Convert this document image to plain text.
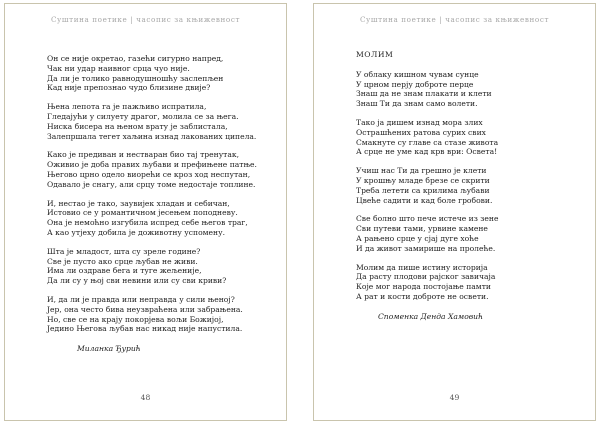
Суштина поетике | часопис за књижевност
Он се није окретао, газећи сигурно напред,
Чак ни удар наивног срца чуо није.
Да ли је толико равнодушношћу заслепљен
Кад није препознао чудо близине двије?
Њена лепота га је пажљиво испратила,
Гледајући у силуету драгог, молила се за њега.
Ниска бисера на њеном врату је заблистала,
Залепршала тегет хаљина изнад лакованих ципела.
Како је предиван и нестваран био тај тренутак,
Оживио је доба правих љубави и префињене патње.
Његово црно одело виорећи се кроз ход неспутан,
Одавало је снагу, али срцу томе недостаје топлине.
И, нестао је тако, заувијек хладан и себичан,
Истовио се у романтичном јесењем поподневу.
Она је немоћно изгубила испред себе његов траг,
А као утјеху добила је доживотну успомену.
Шта је младост, шта су зреле године?
Све је пусто ако срце љубав не живи.
Има ли оздраве бега и тугe жељеније,
Да ли су у њој сви невини или су сви криви?
И, да ли је правда или неправда у сили њеној?
Јер, она често бива неузвраћена или забрањена.
Но, све се на крају покорјева вољи Божијој,
Јединo Његова љубав нас никад није напустила.
Миланка Ђурић
48
Суштина поетике | часопис за књижевност
МОЛИМ
У облаку кишном чувам сунце
У црном перју доброте перце
Знаш да не знам плакати и клети
Знаш Ти да знам само волети.
Тако ја дишем изнад мора злих
Острашћених ратова сурих свих
Смакнуте су главе са стазе живота
А срце не уме кад крв ври: Освета!
Учиш нас Ти да грешно је клети
У крошњу младе брезе се скрити
Треба летети са крилима љубави
Цвеће садити и кад боле гробови.
Све болно што пече истече из зене
Сви путеви тами, урвине камене
А рањено срце у сјај дуге хоће
И да живот замирише на пролеће.
Молим да пише истину историја
Да расту плодови рајског завичаја
Које мог народа постојање памти
А рат и кости доброте не освети.
Споменка Денда Хамовић
49
